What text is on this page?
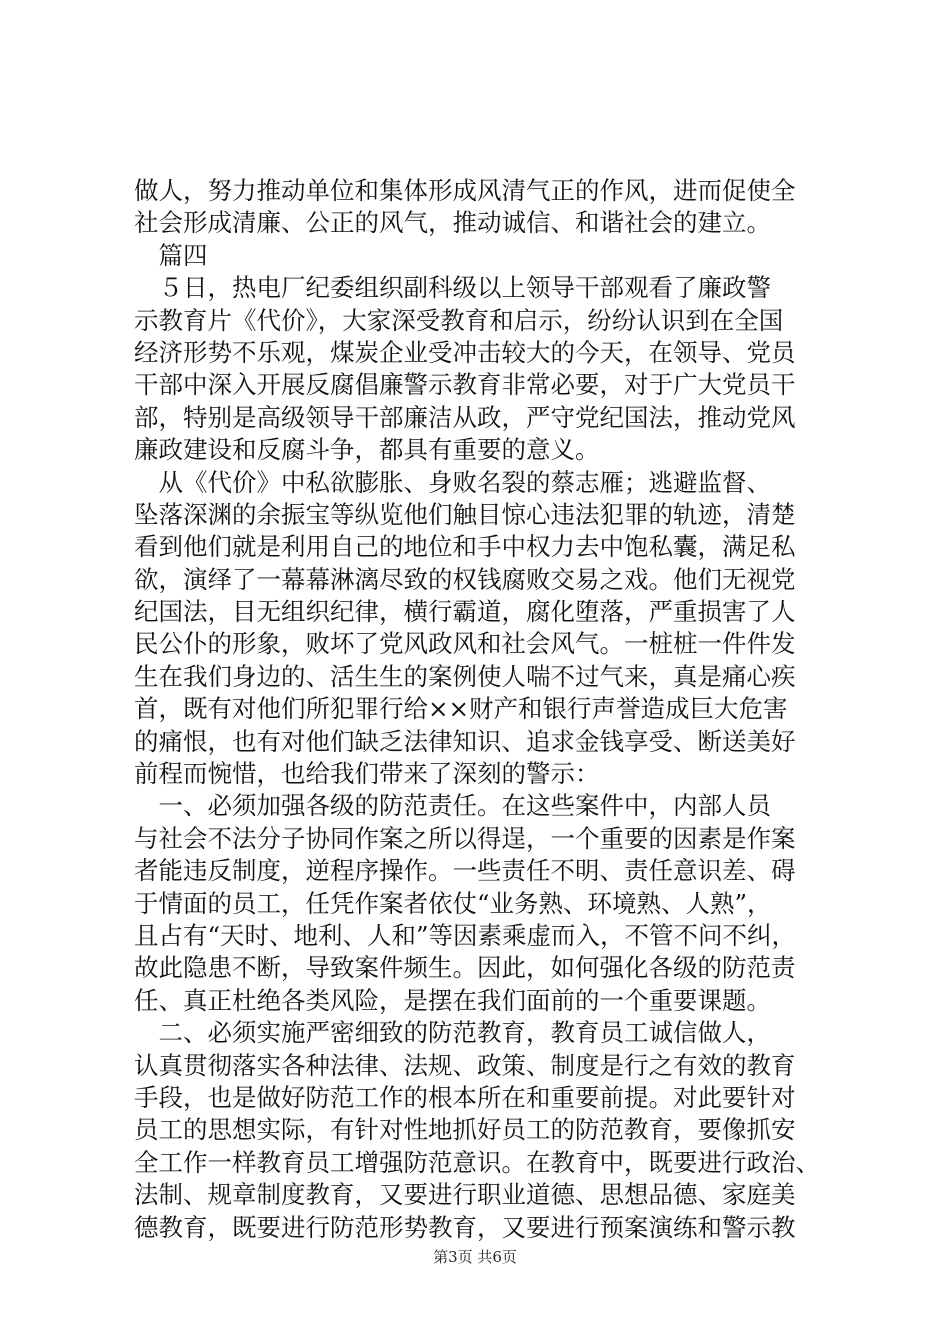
做人，努力推动单位和集体形成风清气正的作风，进而促使全
社会形成清廉、公正的风气，推动诚信、和谐社会的建立。
　篇四
　５日，热电厂纪委组织副科级以上领导干部观看了廉政警
示教育片《代价》，大家深受教育和启示，纷纷认识到在全国
经济形势不乐观，煤炭企业受冲击较大的今天，在领导、党员
干部中深入开展反腐倡廉警示教育非常必要，对于广大党员干
部，特别是高级领导干部廉洁从政，严守党纪国法，推动党风
廉政建设和反腐斗争，都具有重要的意义。
　从《代价》中私欲膨胀、身败名裂的蔡志雁；逃避监督、
坠落深渊的余振宝等纵览他们触目惊心违法犯罪的轨迹，清楚
看到他们就是利用自己的地位和手中权力去中饱私囊，满足私
欲，演绎了一幕幕淋漓尽致的权钱腐败交易之戏。他们无视党
纪国法，目无组织纪律，横行霸道，腐化堕落，严重损害了人
民公仆的形象，败坏了党风政风和社会风气。一桩桩一件件发
生在我们身边的、活生生的案例使人喘不过气来，真是痛心疾
首，既有对他们所犯罪行给××财产和银行声誉造成巨大危害
的痛恨，也有对他们缺乏法律知识、追求金钱享受、断送美好
前程而惋惜，也给我们带来了深刻的警示：
　一、必须加强各级的防范责任。在这些案件中，内部人员
与社会不法分子协同作案之所以得逞，一个重要的因素是作案
者能违反制度，逆程序操作。一些责任不明、责任意识差、碍
于情面的员工，任凭作案者依仗“业务熟、环境熟、人熟”，
且占有“天时、地利、人和”等因素乘虚而入，不管不问不纠，
故此隐患不断，导致案件频生。因此，如何强化各级的防范责
任、真正杜绝各类风险，是摆在我们面前的一个重要课题。
　二、必须实施严密细致的防范教育，教育员工诚信做人，
认真贯彻落实各种法律、法规、政策、制度是行之有效的教育
手段，也是做好防范工作的根本所在和重要前提。对此要针对
员工的思想实际，有针对性地抓好员工的防范教育，要像抓安
全工作一样教育员工增强防范意识。在教育中，既要进行政治、
法制、规章制度教育，又要进行职业道德、思想品德、家庭美
德教育，既要进行防范形势教育，又要进行预案演练和警示教
第3页 共6页
